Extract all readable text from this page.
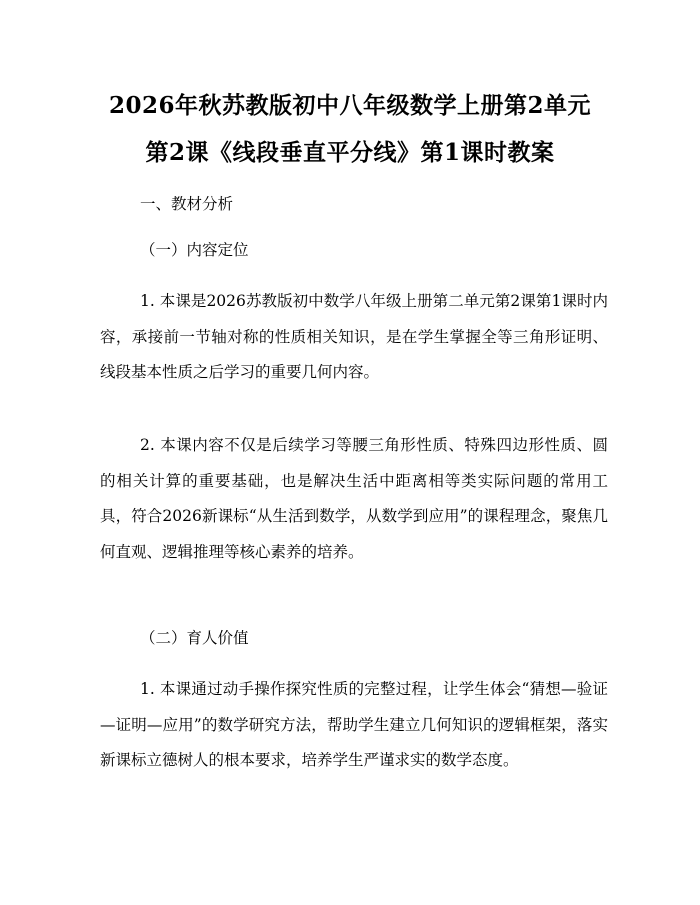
2026年秋苏教版初中八年级数学上册第2单元第2课《线段垂直平分线》第1课时教案

一、教材分析

（一）内容定位

1. 本课是2026苏教版初中数学八年级上册第二单元第2课第1课时内容，承接前一节轴对称的性质相关知识，是在学生掌握全等三角形证明、线段基本性质之后学习的重要几何内容。

2. 本课内容不仅是后续学习等腰三角形性质、特殊四边形性质、圆的相关计算的重要基础，也是解决生活中距离相等类实际问题的常用工具，符合2026新课标“从生活到数学，从数学到应用”的课程理念，聚焦几何直观、逻辑推理等核心素养的培养。

（二）育人价值

1. 本课通过动手操作探究性质的完整过程，让学生体会“猜想—验证—证明—应用”的数学研究方法，帮助学生建立几何知识的逻辑框架，落实新课标立德树人的根本要求，培养学生严谨求实的数学态度。
